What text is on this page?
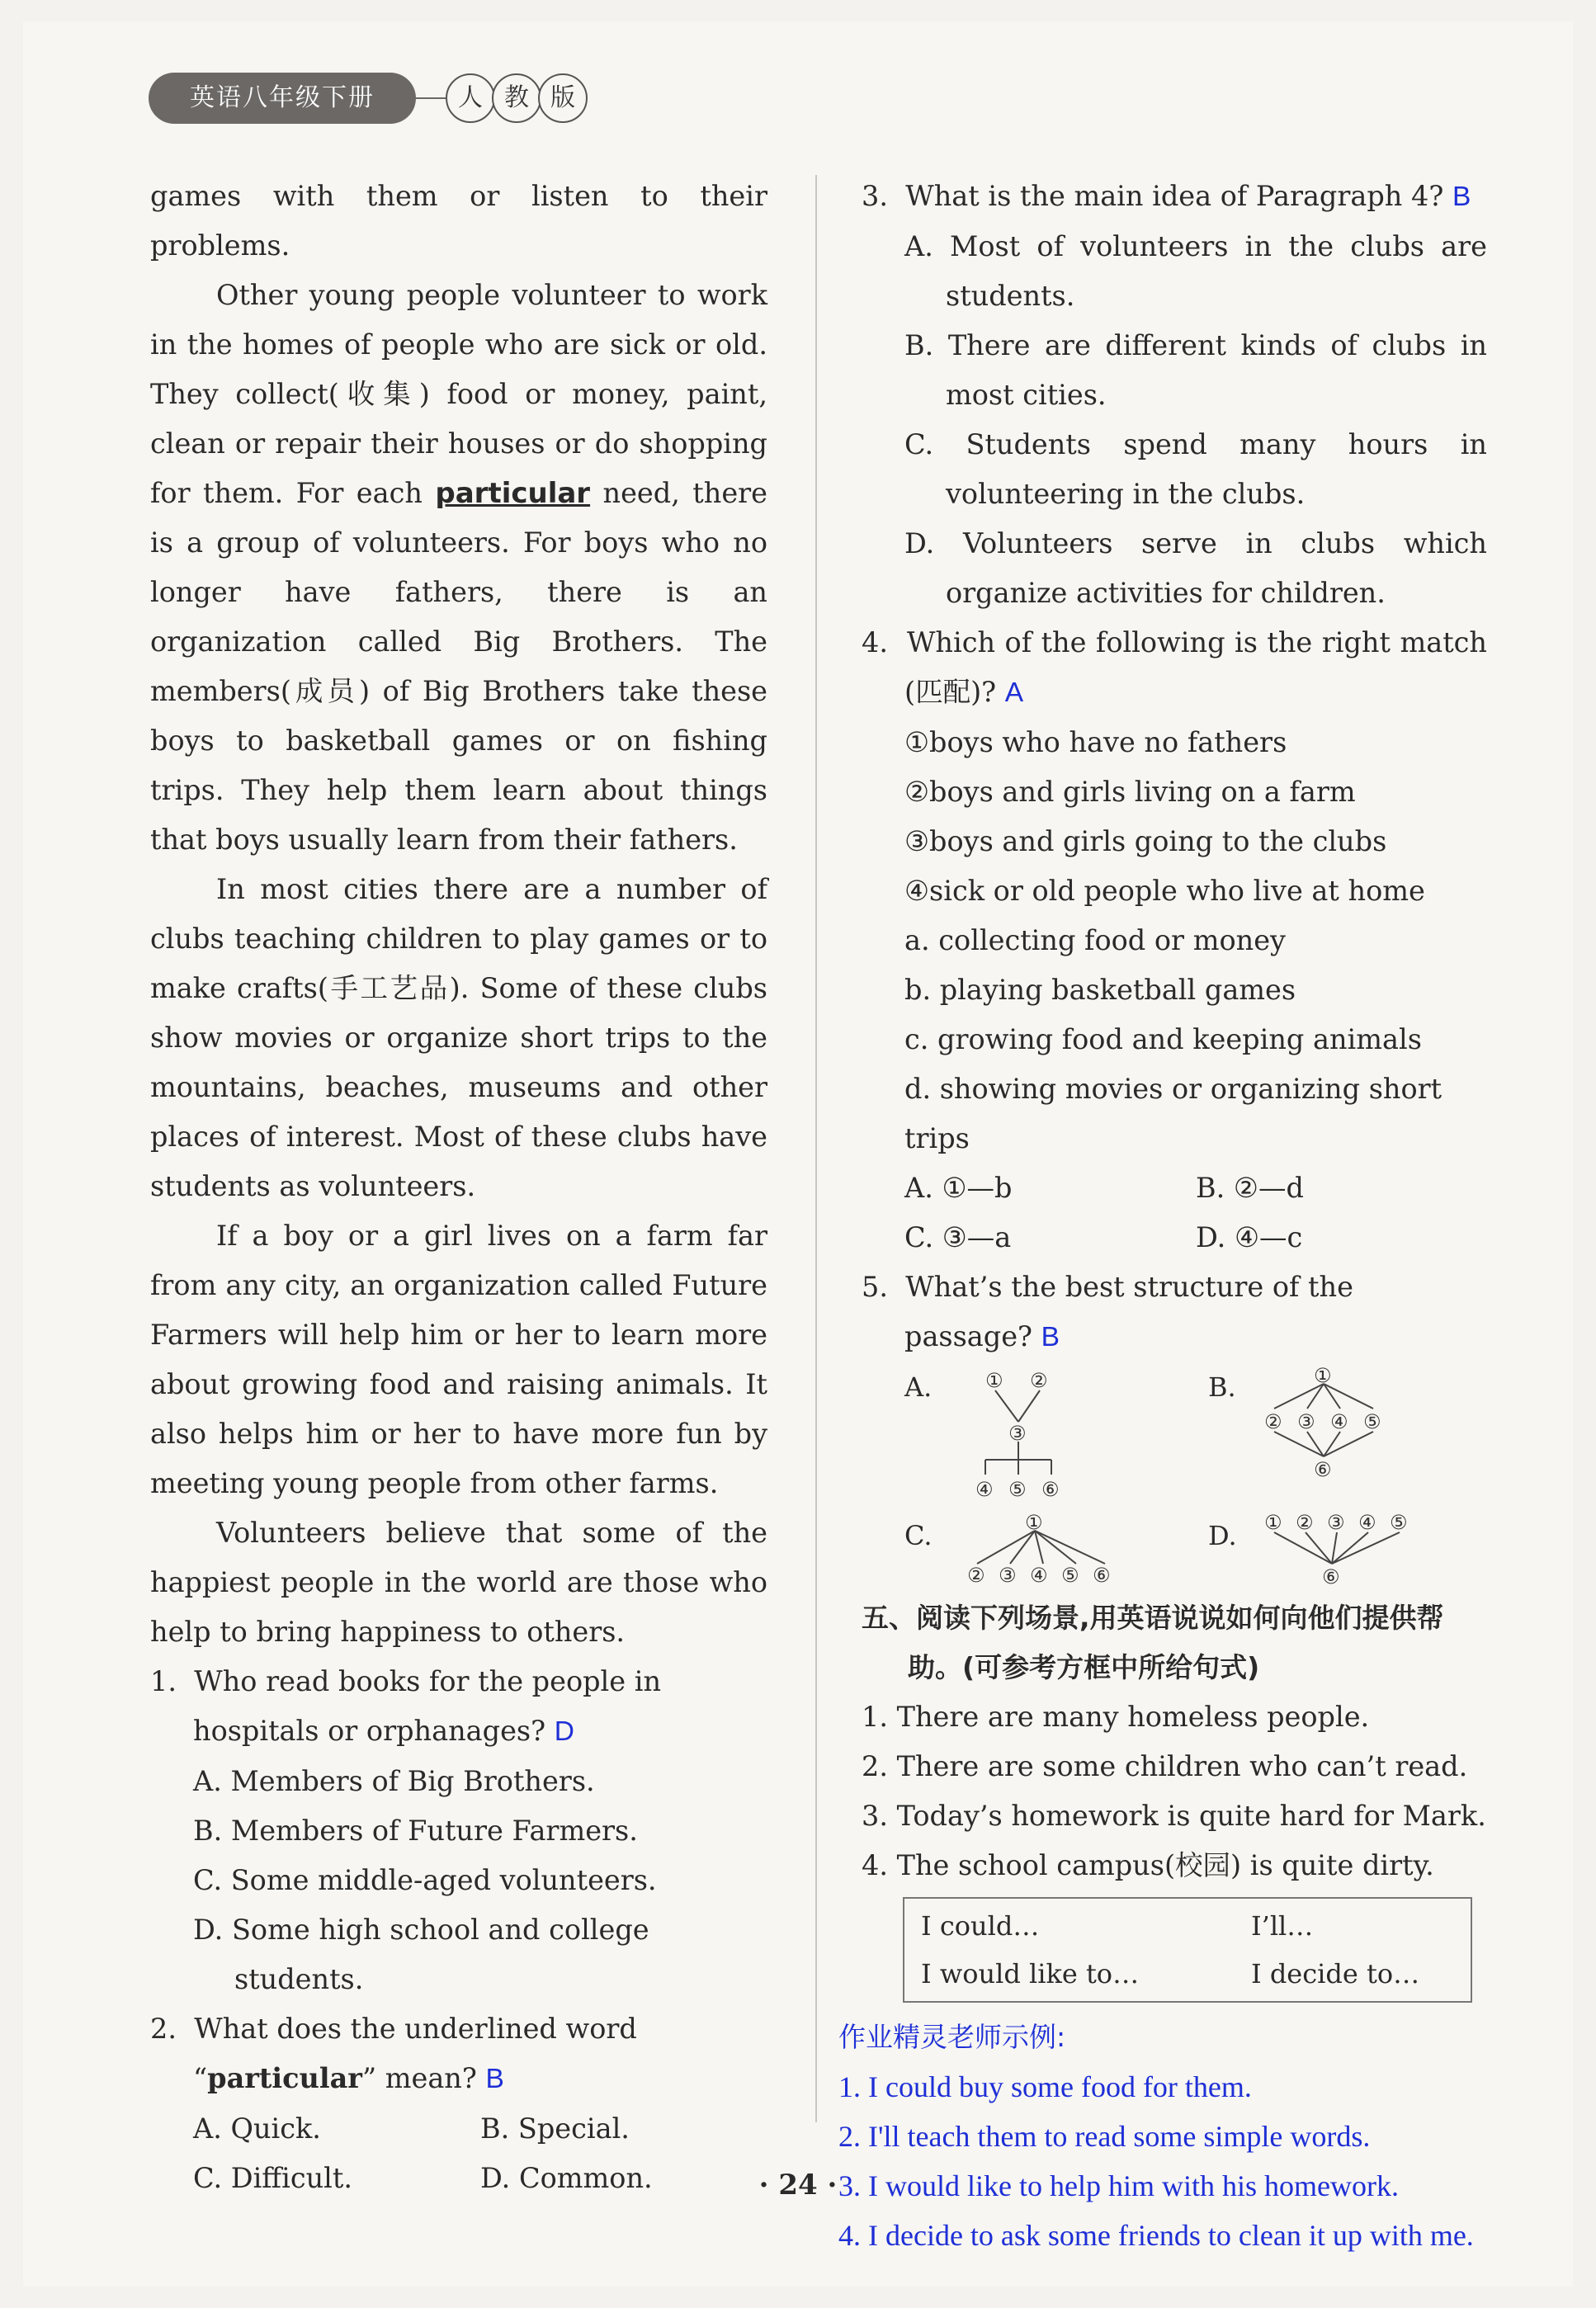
英语八年级下册	人 教 版

games with them or listen to their problems.

Other young people volunteer to work in the homes of people who are sick or old. They collect(收集) food or money, paint, clean or repair their houses or do shopping for them. For each particular need, there is a group of volunteers. For boys who no longer have fathers, there is an organization called Big Brothers. The members(成员) of Big Brothers take these boys to basketball games or on fishing trips. They help them learn about things that boys usually learn from their fathers.

In most cities there are a number of clubs teaching children to play games or to make crafts(手工艺品). Some of these clubs show movies or organize short trips to the mountains, beaches, museums and other places of interest. Most of these clubs have students as volunteers.

If a boy or a girl lives on a farm far from any city, an organization called Future Farmers will help him or her to learn more about growing food and raising animals. It also helps him or her to have more fun by meeting young people from other farms.

Volunteers believe that some of the happiest people in the world are those who help to bring happiness to others.

1. Who read books for the people in hospitals or orphanages? D

A. Members of Big Brothers.

B. Members of Future Farmers.

C. Some middle-aged volunteers.

D. Some high school and college students.

2. What does the underlined word “particular” mean? B

A. Quick.	B. Special.
C. Difficult.	D. Common.

3. What is the main idea of Paragraph 4? B

A. Most of volunteers in the clubs are students.

B. There are different kinds of clubs in most cities.

C. Students spend many hours in volunteering in the clubs.

D. Volunteers serve in clubs which organize activities for children.

4. Which of the following is the right match (匹配)? A

①boys who have no fathers

②boys and girls living on a farm

③boys and girls going to the clubs

④sick or old people who live at home

a. collecting food or money

b. playing basketball games

c. growing food and keeping animals

d. showing movies or organizing short trips

A. ①—b	B. ②—d
C. ③—a	D. ④—c

5. What’s the best structure of the passage? B

A.	① ②
③
④ ⑤ ⑥
B.	①
② ③ ④ ⑤
⑥
C.	①
② ③ ④ ⑤ ⑥
D. ① ② ③ ④ ⑤
⑥

五、阅读下列场景,用英语说说如何向他们提供帮助。(可参考方框中所给句式)

1. There are many homeless people.

2. There are some children who can’t read.

3. Today’s homework is quite hard for Mark.

4. The school campus(校园) is quite dirty.

I could…	I’ll…
I would like to…	I decide to…

作业精灵老师示例:

1. I could buy some food for them.

2. I'll teach them to read some simple words.

3. I would like to help him with his homework.

4. I decide to ask some friends to clean it up with me.

· 24 ·
